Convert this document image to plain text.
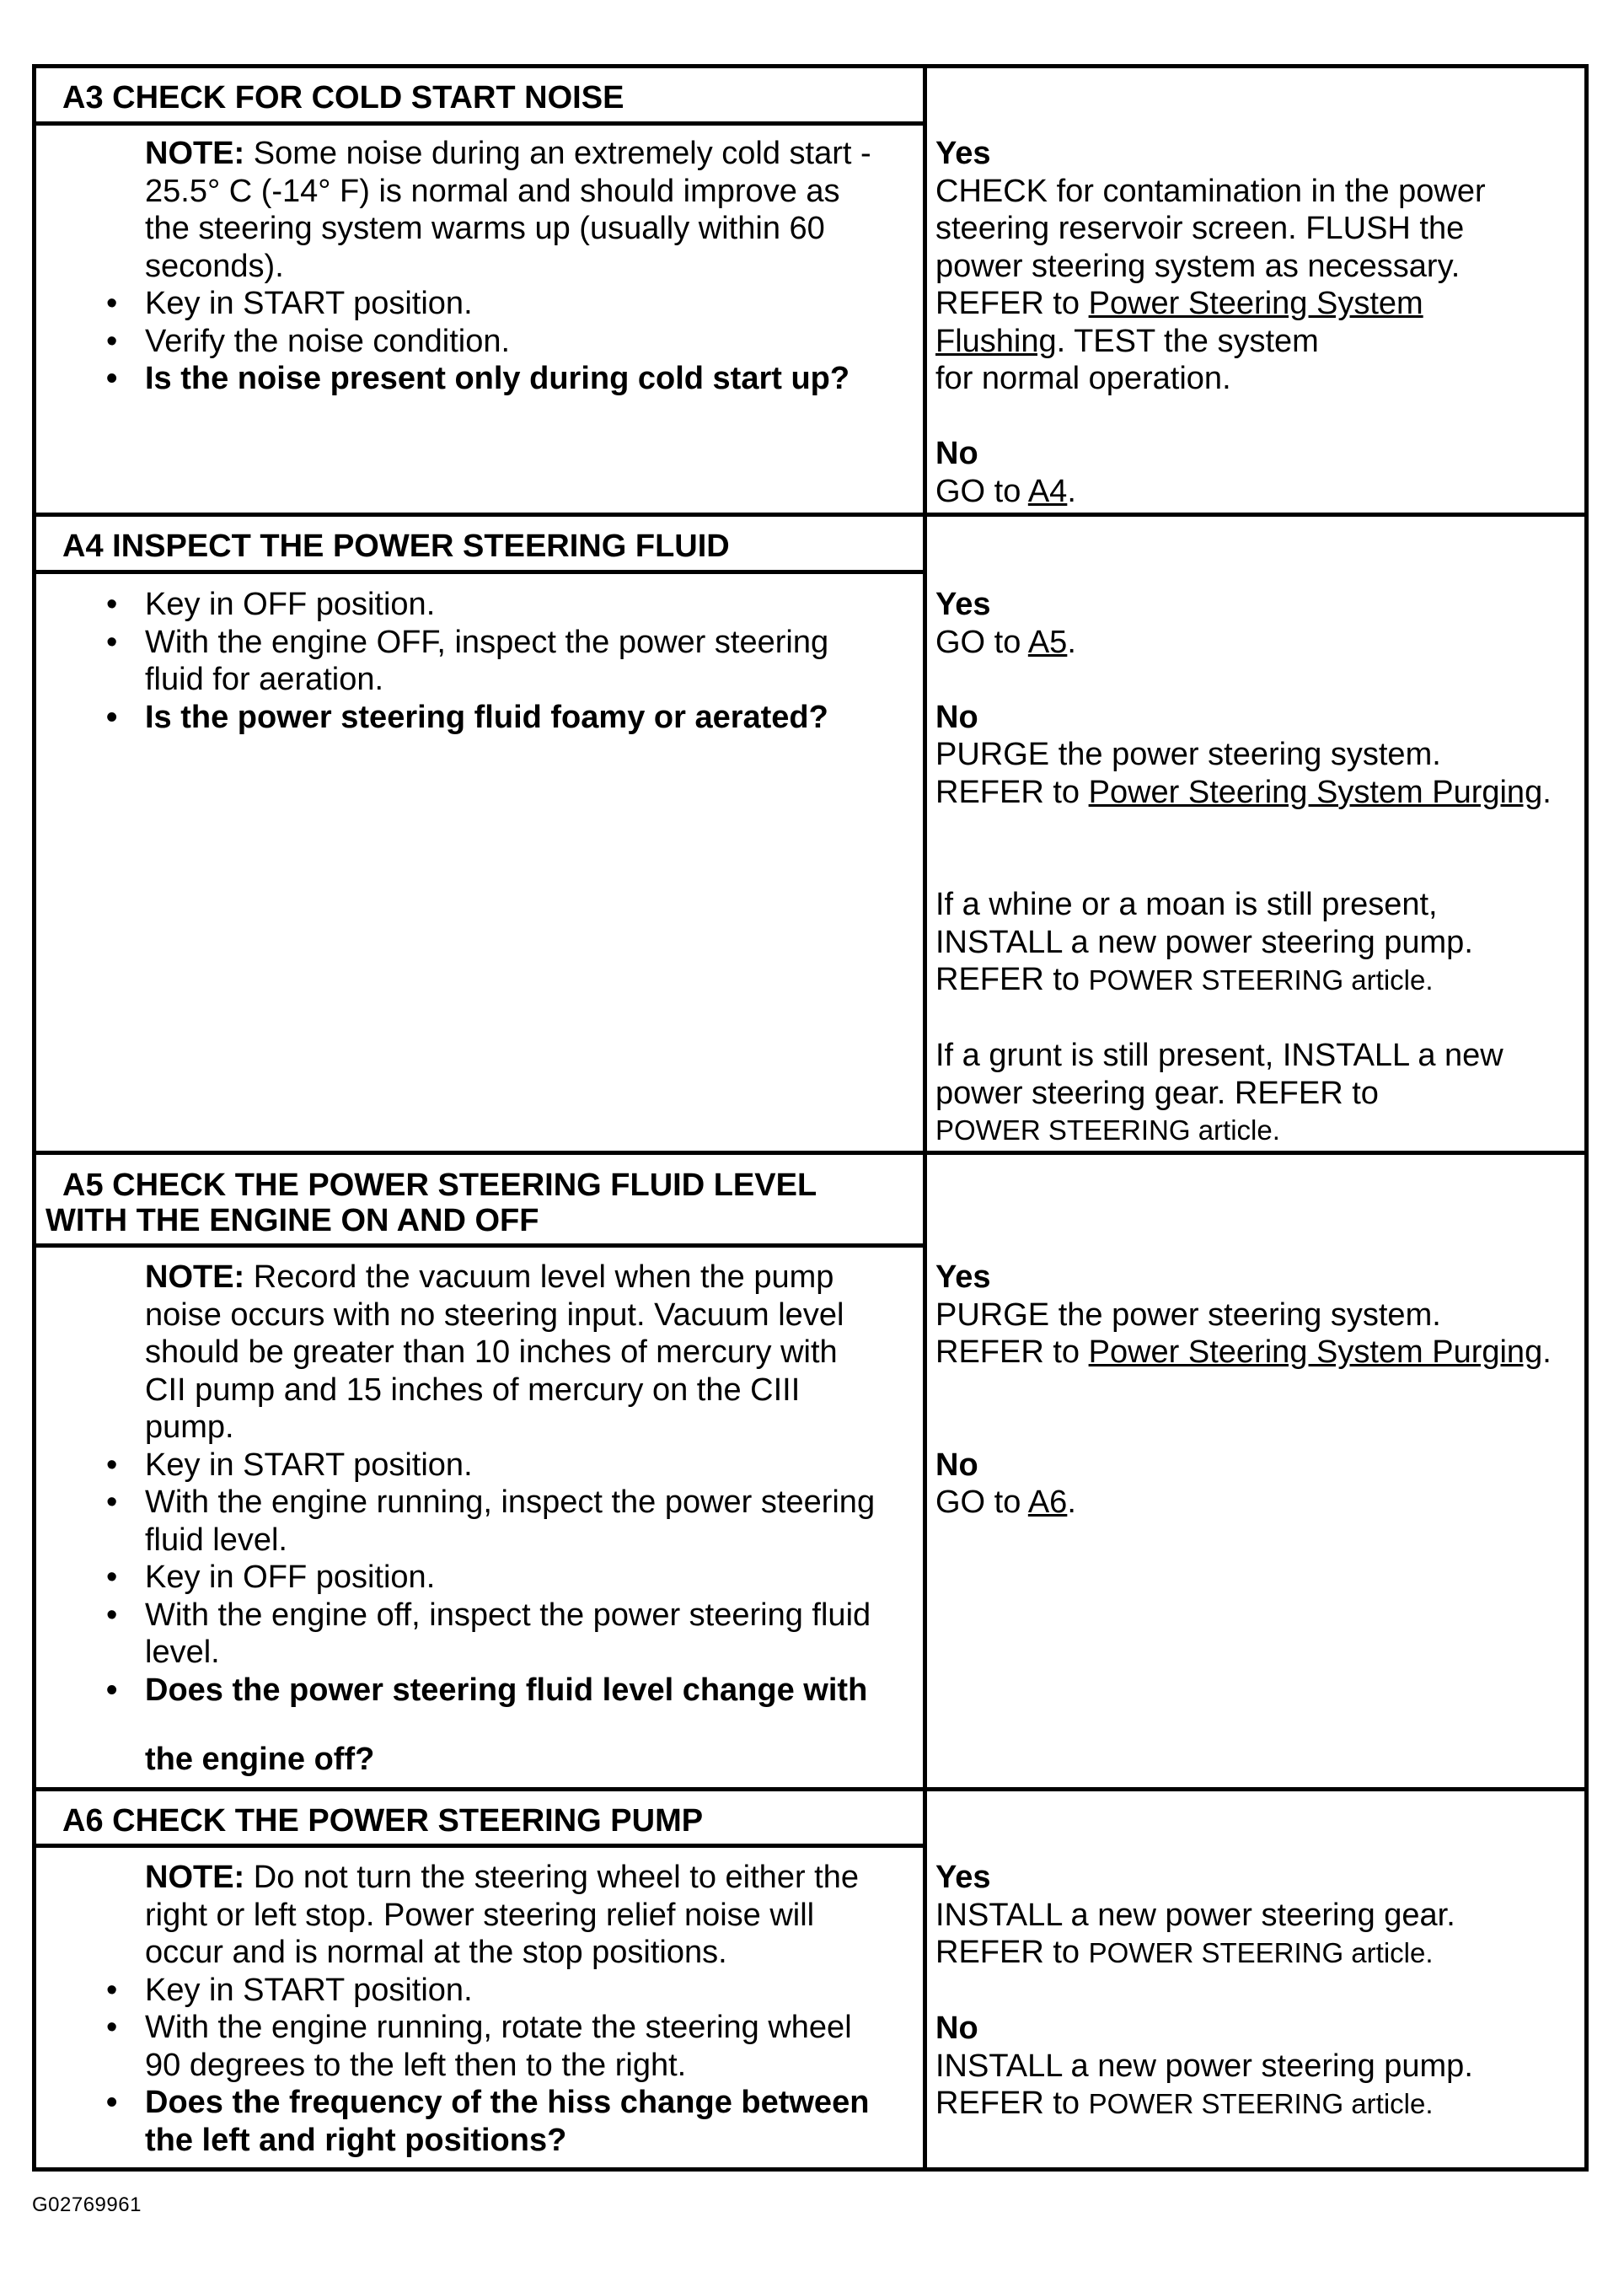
A3 CHECK FOR COLD START NOISE
NOTE: Some noise during an extremely cold start -
25.5° C (-14° F) is normal and should improve as
the steering system warms up (usually within 60
seconds).
• Key in START position.
• Verify the noise condition.
• Is the noise present only during cold start up?
Yes
CHECK for contamination in the power
steering reservoir screen. FLUSH the
power steering system as necessary.
REFER to Power Steering System
Flushing. TEST the system
for normal operation.
No
GO to A4.
A4 INSPECT THE POWER STEERING FLUID
• Key in OFF position.
• With the engine OFF, inspect the power steering
fluid for aeration.
• Is the power steering fluid foamy or aerated?
Yes
GO to A5.
No
PURGE the power steering system.
REFER to Power Steering System Purging.
If a whine or a moan is still present,
INSTALL a new power steering pump.
REFER to POWER STEERING article.
If a grunt is still present, INSTALL a new
power steering gear. REFER to
POWER STEERING article.
A5 CHECK THE POWER STEERING FLUID LEVEL
WITH THE ENGINE ON AND OFF
NOTE: Record the vacuum level when the pump
noise occurs with no steering input. Vacuum level
should be greater than 10 inches of mercury with
CII pump and 15 inches of mercury on the CIII
pump.
• Key in START position.
• With the engine running, inspect the power steering
fluid level.
• Key in OFF position.
• With the engine off, inspect the power steering fluid
level.
• Does the power steering fluid level change with
the engine off?
Yes
PURGE the power steering system.
REFER to Power Steering System Purging.
No
GO to A6.
A6 CHECK THE POWER STEERING PUMP
NOTE: Do not turn the steering wheel to either the
right or left stop. Power steering relief noise will
occur and is normal at the stop positions.
• Key in START position.
• With the engine running, rotate the steering wheel
90 degrees to the left then to the right.
• Does the frequency of the hiss change between
the left and right positions?
Yes
INSTALL a new power steering gear.
REFER to POWER STEERING article.
No
INSTALL a new power steering pump.
REFER to POWER STEERING article.
G02769961
